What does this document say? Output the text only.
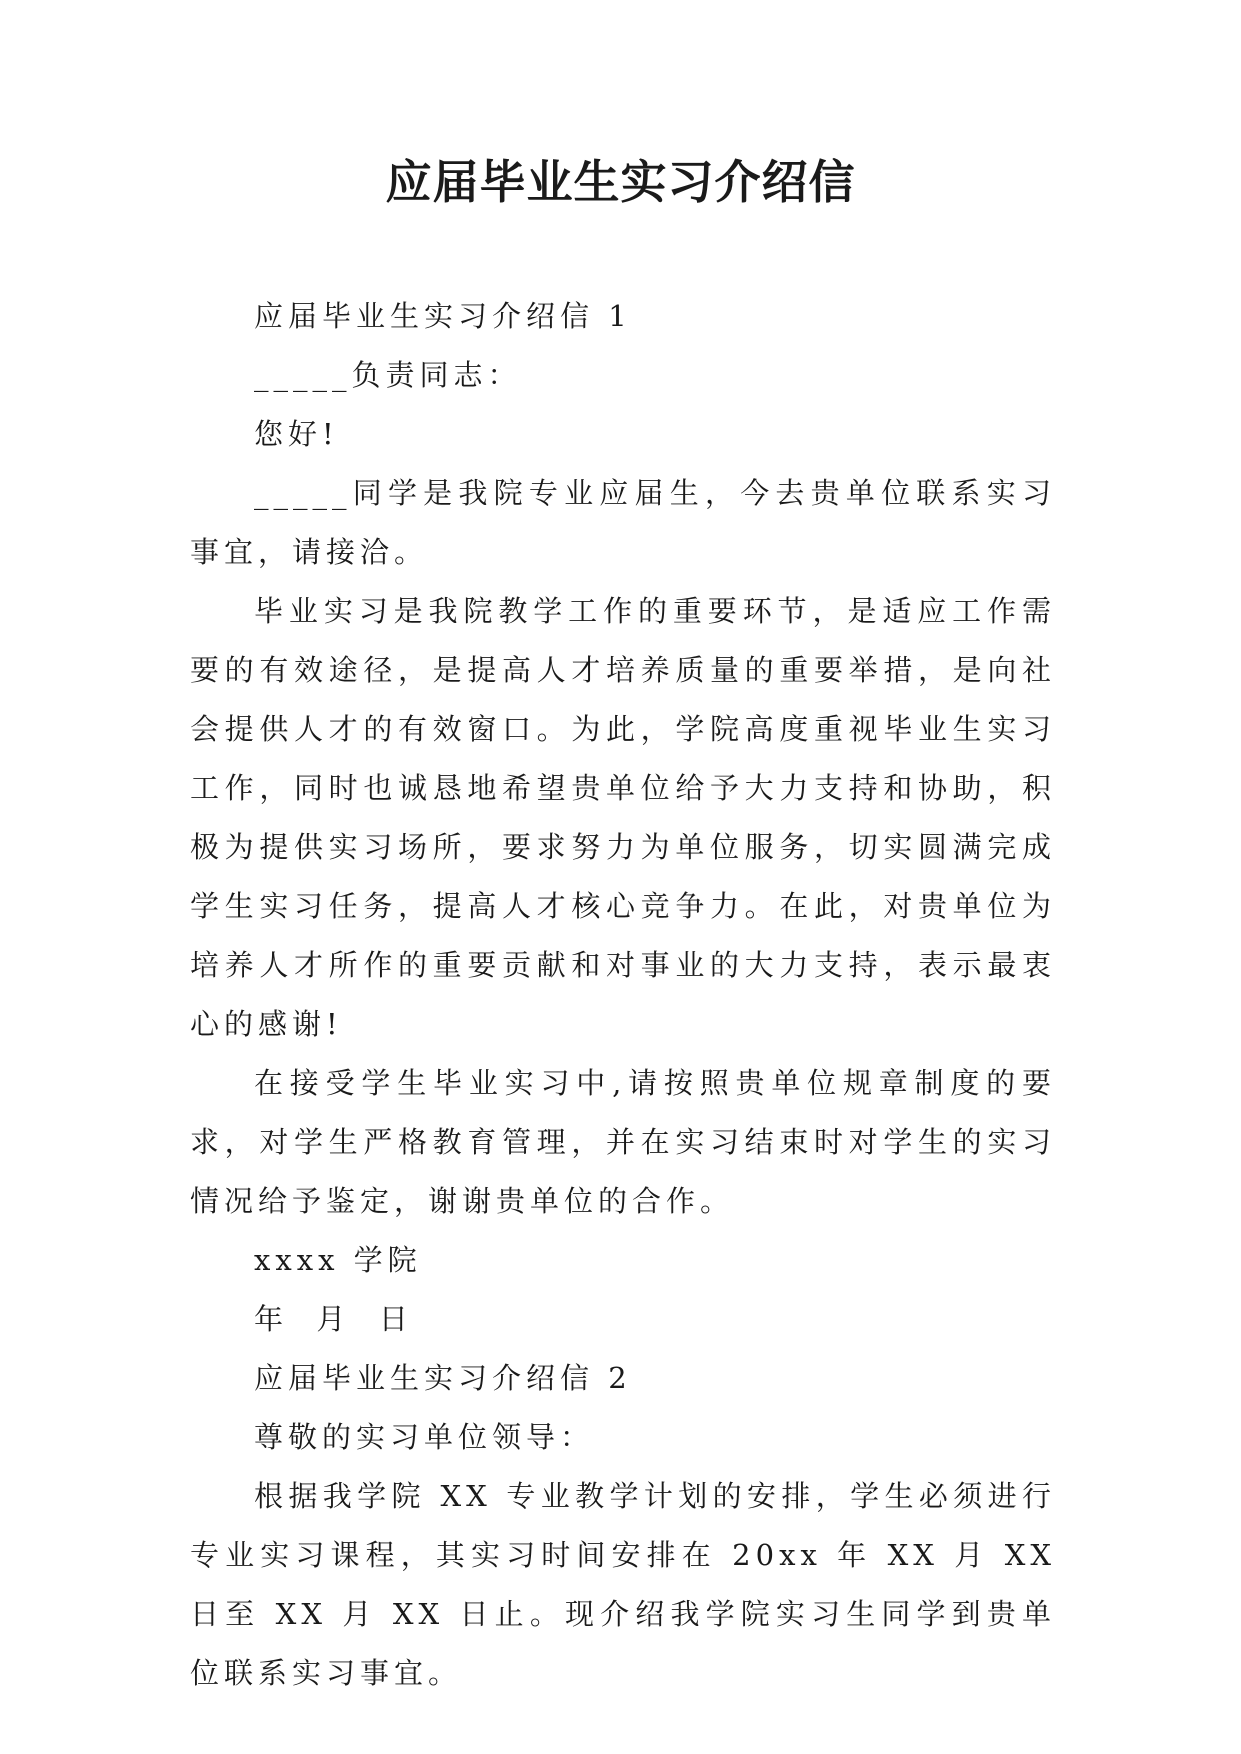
应届毕业生实习介绍信

应届毕业生实习介绍信 1

_____负责同志：

您好!

_____同学是我院专业应届生，今去贵单位联系实习事宜，请接洽。

毕业实习是我院教学工作的重要环节，是适应工作需要的有效途径，是提高人才培养质量的重要举措，是向社会提供人才的有效窗口。为此，学院高度重视毕业生实习工作，同时也诚恳地希望贵单位给予大力支持和协助，积极为提供实习场所，要求努力为单位服务，切实圆满完成学生实习任务，提高人才核心竞争力。在此，对贵单位为培养人才所作的重要贡献和对事业的大力支持，表示最衷心的感谢!

在接受学生毕业实习中,请按照贵单位规章制度的要求，对学生严格教育管理，并在实习结束时对学生的实习情况给予鉴定，谢谢贵单位的合作。

xxxx 学院

年  月  日

应届毕业生实习介绍信 2

尊敬的实习单位领导：

根据我学院 XX 专业教学计划的安排，学生必须进行专业实习课程，其实习时间安排在 20xx 年 XX 月 XX 日至 XX 月 XX 日止。现介绍我学院实习生同学到贵单位联系实习事宜。
